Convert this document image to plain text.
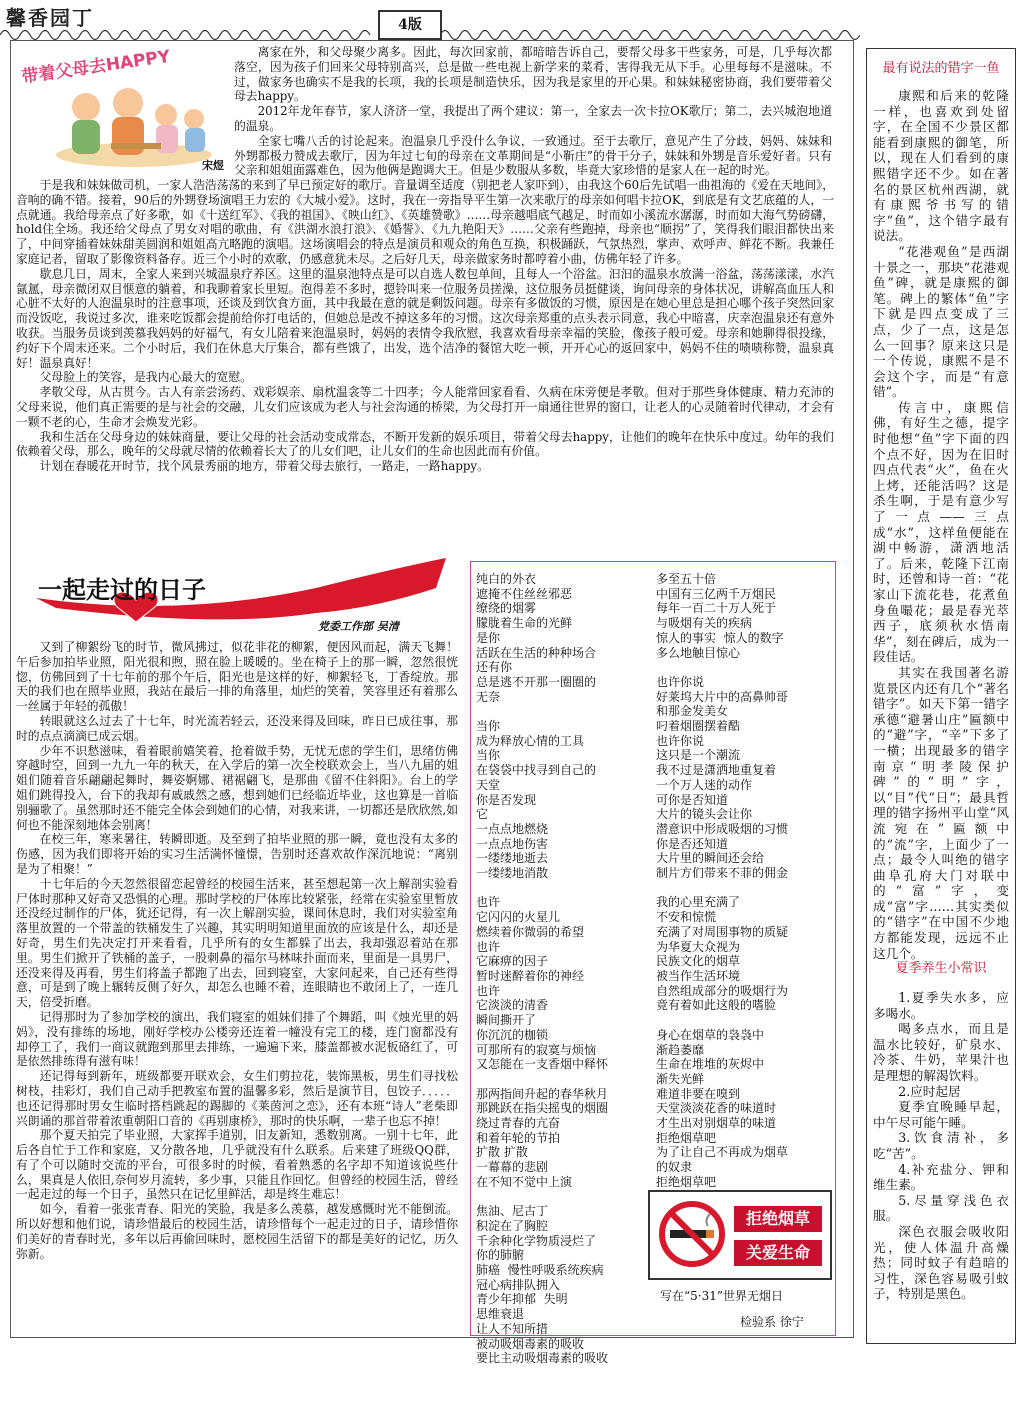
馨香园丁	4版
带着父母去HAPPY
宋煜

离家在外，和父母聚少离多。因此，每次回家前，都暗暗告诉自己，要帮父母多干些家务，可是，几乎每次都落空，因为孩子们回来父母特别高兴，总是做一些电视上新学来的菜肴，害得我无从下手。心里每每不是滋味。不过，做家务也确实不是我的长项，我的长项是制造快乐，因为我是家里的开心果。和妹妹秘密协商，我们要带着父母去happy。

2012年龙年春节，家人济济一堂，我提出了两个建议：第一，全家去一次卡拉OK歌厅；第二，去兴城泡地道的温泉。

全家七嘴八舌的讨论起来。泡温泉几乎没什么争议，一致通过。至于去歌厅，意见产生了分歧，妈妈、妹妹和外甥都极力赞成去歌厅，因为年过七旬的母亲在文革期间是“小靳庄”的骨干分子，妹妹和外甥是音乐爱好者。只有父亲和姐姐面露难色，因为他俩是跑调大王。但是少数服从多数，毕竟大家珍惜的是家人在一起的时光。

于是我和妹妹做司机，一家人浩浩荡荡的来到了早已预定好的歌厅。音量调至适度（别把老人家吓到），由我这个60后先试唱一曲祖海的《爱在天地间》，音响的确不错。接着，90后的外甥登场演唱王力宏的《大城小爱》。这时，我在一旁指导平生第一次来歌厅的母亲如何唱卡拉OK，到底是有文艺底蕴的人，一点就通。我给母亲点了好多歌，如《十送红军》、《我的祖国》、《映山红》、《英雄赞歌》……母亲越唱底气越足，时而如小溪流水潺潺，时而如大海气势磅礴，hold住全场。我还给父母点了男女对唱的歌曲，有《洪湖水浪打浪》、《婚誓》、《九九艳阳天》……父亲有些跑掉，母亲也“顺拐”了，笑得我们眼泪都快出来了，中间穿插着妹妹甜美圆润和姐姐高亢略跑的演唱。这场演唱会的特点是演员和观众的角色互换，积极踊跃，气氛热烈，掌声、欢呼声、鲜花不断。我兼任家庭记者，留取了影像资料备存。近三个小时的欢歌，仍感意犹未尽。之后好几天，母亲做家务时都哼着小曲，仿佛年轻了许多。

歇息几日，周末，全家人来到兴城温泉疗养区。这里的温泉池特点是可以自选人数包单间，且每人一个浴盆。汩汩的温泉水放满一浴盆，荡荡漾漾，水汽氤氲，母亲微闭双目惬意的躺着，和我聊着家长里短。泡得差不多时，摁铃叫来一位服务员搓澡，这位服务员挺健谈，询问母亲的身体状况，讲解高血压人和心脏不太好的人泡温泉时的注意事项，还谈及到饮食方面，其中我最在意的就是剩饭问题。母亲有多做饭的习惯，原因是在她心里总是担心哪个孩子突然回家而没饭吃，我说过多次，谁来吃饭都会提前给你打电话的，但她总是改不掉这多年的习惯。这次母亲郑重的点头表示同意，我心中暗喜，庆幸泡温泉还有意外收获。当服务员谈到羡慕我妈妈的好福气，有女儿陪着来泡温泉时，妈妈的表情令我欣慰，我喜欢看母亲幸福的笑脸，像孩子般可爱。母亲和她聊得很投缘，约好下个周末还来。二个小时后，我们在休息大厅集合，都有些饿了，出发，选个洁净的餐馆大吃一顿，开开心心的返回家中，妈妈不住的啧啧称赞，温泉真好！温泉真好！

父母脸上的笑容，是我内心最大的宽慰。

孝敬父母，从古贯今。古人有亲尝汤药、戏彩娱亲、扇枕温衾等二十四孝；今人能常回家看看、久病在床旁便是孝敬。但对于那些身体健康、精力充沛的父母来说，他们真正需要的是与社会的交融，儿女们应该成为老人与社会沟通的桥梁，为父母打开一扇通往世界的窗口，让老人的心灵随着时代律动，才会有一颗不老的心，生命才会焕发光彩。

我和生活在父母身边的妹妹商量，要让父母的社会活动变成常态，不断开发新的娱乐项目，带着父母去happy，让他们的晚年在快乐中度过。幼年的我们依赖着父母，那么，晚年的父母就尽情的依赖着长大了的儿女们吧，让儿女们的生命也因此而有价值。

计划在春暖花开时节，找个风景秀丽的地方，带着父母去旅行，一路走，一路happy。

一起走过的日子
党委工作部 吴清

又到了柳絮纷飞的时节，微风拂过，似花非花的柳絮，便因风而起，满天飞舞！午后参加拍毕业照，阳光很和煦，照在脸上暖暖的。坐在椅子上的那一瞬，忽然很恍惚，仿佛回到了十七年前的那个午后，阳光也是这样的好，柳絮轻飞，丁香绽放。那天的我们也在照毕业照，我站在最后一排的角落里，灿烂的笑着，笑容里还有着那么一丝属于年轻的孤傲！

转眼就这么过去了十七年，时光流若轻云，还没来得及回味，昨日已成往事，那时的点点滴滴已成云烟。

少年不识愁滋味，看着眼前嬉笑着，抢着做手势，无忧无虑的学生们，思绪仿佛穿越时空，回到一九九一年的秋天，在入学后的第一次全校联欢会上，当八九届的姐姐们随着音乐翩翩起舞时，舞姿婀娜、裙裾翩飞，是那曲《留不住斜阳》。台上的学姐们跳得投入，台下的我却有戚戚然之感，想到她们已经临近毕业，这也算是一首临别骊歌了。虽然那时还不能完全体会到她们的心情，对我来讲，一切都还是欣欣然,如何也不能深刻地体会别离！

在校三年，寒来暑往，转瞬即逝。及至到了拍毕业照的那一瞬，竟也没有太多的伤感，因为我们即将开始的实习生活满怀憧憬，告别时还喜欢故作深沉地说：“离别是为了相聚！”

十七年后的今天忽然很留恋起曾经的校园生活来，甚至想起第一次上解剖实验看尸体时那种又好奇又恐惧的心理。那时学校的尸体库比较紧张，经常在实验室里暂放还没经过制作的尸体，犹还记得，有一次上解剖实验，课间休息时，我们对实验室角落里放置的一个带盖的铁桶发生了兴趣，其实明明知道里面放的应该是什么，却还是好奇，男生们先决定打开来看看，几乎所有的女生都躲了出去，我却强忍着站在那里。男生们掀开了铁桶的盖子，一股刺鼻的福尔马林味扑面而来，里面是一具男尸，还没来得及再看，男生们将盖子都跑了出去，回到寝室，大家问起来，自己还有些得意，可是到了晚上辗转反侧了好久，却怎么也睡不着，连眼睛也不敢闭上了，一连几天，倍受折磨。

记得那时为了参加学校的演出，我们寝室的姐妹们排了个舞蹈，叫《烛光里的妈妈》，没有排练的场地，刚好学校办公楼旁还连着一幢没有完工的楼，连门窗都没有却停工了，我们一商议就跑到那里去排练，一遍遍下来，膝盖都被水泥板硌红了，可是依然排练得有滋有味！

还记得每到新年，班级都要开联欢会，女生们剪拉花，装饰黑板，男生们寻找松树枝，挂彩灯，我们自己动手把教室布置的温馨多彩，然后是演节目，包饺子．．．．．也还记得那时男女生临时搭档跳起的踢脚的《莱茵河之恋》，还有本班“诗人”老柴即兴朗诵的那首带着浓重朝阳口音的《再别康桥》，那时的快乐啊，一辈子也忘不掉！

那个夏天拍完了毕业照，大家挥手道别，旧友新知，悉数别离。一别十七年，此后各自忙于工作和家庭，又分散各地，几乎就没有什么联系。后来建了班级QQ群，有了个可以随时交流的平台，可很多时的时候，看着熟悉的名字却不知道该说些什么，果真是人依旧,奈何岁月流转，多少事，只能且作回忆。但曾经的校园生活，曾经一起走过的每一个日子，虽然只在记忆里鲜活，却是终生难忘！

如今，看着一张张青春、阳光的笑脸，我是多么羡慕，越发感慨时光不能倒流。所以好想和他们说，请珍惜最后的校园生活，请珍惜每个一起走过的日子，请珍惜你们美好的青春时光，多年以后再偷回味时，愿校园生活留下的都是美好的记忆，历久弥新。

纯白的外衣
遮掩不住丝丝邪恶
缭绕的烟雾
朦胧着生命的光鲜
是你
活跃在生活的种种场合
还有你
总是逃不开那一圈圈的
无奈

当你
成为释放心情的工具
当你
在袋袋中找寻到自己的
天堂
你是否发现
它
一点点地燃烧
一点点地伤害
一缕缕地逝去
一缕缕地消散

也许
它闪闪的火星儿
燃续着你微弱的希望
也许
它麻痹的因子
暂时迷醉着你的神经
也许
它淡淡的清香
瞬间撕开了
你沉沉的枷锁
可那所有的寂寞与烦恼
又怎能在一支香烟中释怀

那两指间升起的春华秋月
那跳跃在指尖摇曳的烟圈
绕过青春的亢奋
和着年轮的节拍
扩散 扩散
一幕幕的悲剧
在不知不觉中上演

焦油、尼古丁
积淀在了胸腔
千余种化学物质浸烂了
你的肺腑
肺癌  慢性呼吸系统疾病
冠心病排队拥入
青少年抑郁  失明
思维衰退
让人不知所措
被动吸烟毒素的吸收
要比主动吸烟毒素的吸收
多至五十倍
中国有三亿两千万烟民
每年一百二十万人死于
与吸烟有关的疾病
惊人的事实  惊人的数字
多么地触目惊心

也许你说
好莱坞大片中的高鼻帅哥
和那金发美女
叼着烟圈摆着酷
也许你说
这只是一个潮流
我不过是潇洒地重复着
一个万人迷的动作
可你是否知道
大片的镜头会让你
潜意识中形成吸烟的习惯
你是否还知道
大片里的瞬间还会给
制片方们带来不菲的佣金

我的心里充满了
不安和惊慌
充满了对周围事物的质疑
为华夏大众视为
民族文化的烟草
被当作生活环境
自然组成部分的吸烟行为
竟有着如此这般的嗜脸

身心在烟草的袅袅中
渐趋萎靡
生命在堆堆的灰烬中
渐失光鲜
难道非要在嗅到
天堂淡淡花香的味道时
才生出对别烟草的味道
拒绝烟草吧
为了让自己不再成为烟草
的奴隶
拒绝烟草吧
拒绝烟草
关爱生命
写在“5·31”世界无烟日
检验系 徐宁
最有说法的错字一鱼

康熙和后来的乾隆一样，也喜欢到处留字，在全国不少景区都能看到康熙的御笔，所以，现在人们看到的康熙错字还不少。如在著名的景区杭州西湖，就有康熙爷书写的错字“鱼”，这个错字最有说法。

“花港观鱼”是西湖十景之一，那块“花港观鱼”碑，就是康熙的御笔。碑上的繁体“鱼”字下就是四点变成了三点，少了一点，这是怎么一回事？原来这只是一个传说，康熙不是不会这个字，而是“有意错”。

传言中，康熙信佛，有好生之德，提字时他想“鱼”字下面的四个点不好，因为在旧时四点代表“火”，鱼在火上烤，还能活吗？这是杀生啊，于是有意少写了一点——三点成“水”，这样鱼便能在湖中畅游，潇洒地活了。后来，乾隆下江南时，还曾和诗一首：“花家山下流花巷，花煮鱼身鱼嘬花；最是春光萃西子，底须秋水悟南华”，刻在碑后，成为一段佳话。

其实在我国著名游览景区内还有几个“著名错字”。如天下第一错字承德“避暑山庄”匾额中的“避”字，“辛”下多了一横；出现最多的错字南京“明孝陵保护碑”的“明”字，以“目”代“日”；最具哲理的错字扬州平山堂“风流宛在”匾额中的“流”字，上面少了一点；最令人叫绝的错字曲阜孔府大门对联中的“富”字，变成“富”字……其实类似的“错字”在中国不少地方都能发现，远远不止这几个。

夏季养生小常识

1.夏季失水多，应多喝水。

喝多点水，而且是温水比较好，矿泉水、冷茶、牛奶，苹果汁也是理想的解渴饮料。

2.应时起居

夏季宜晚睡早起，中午尽可能午睡。

3.饮食清补，多吃“苦”。

4.补充盐分、钾和维生素。

5.尽量穿浅色衣服。

深色衣服会吸收阳光，使人体温升高燥热；同时蚊子有趋暗的习性，深色容易吸引蚊子，特别是黑色。
